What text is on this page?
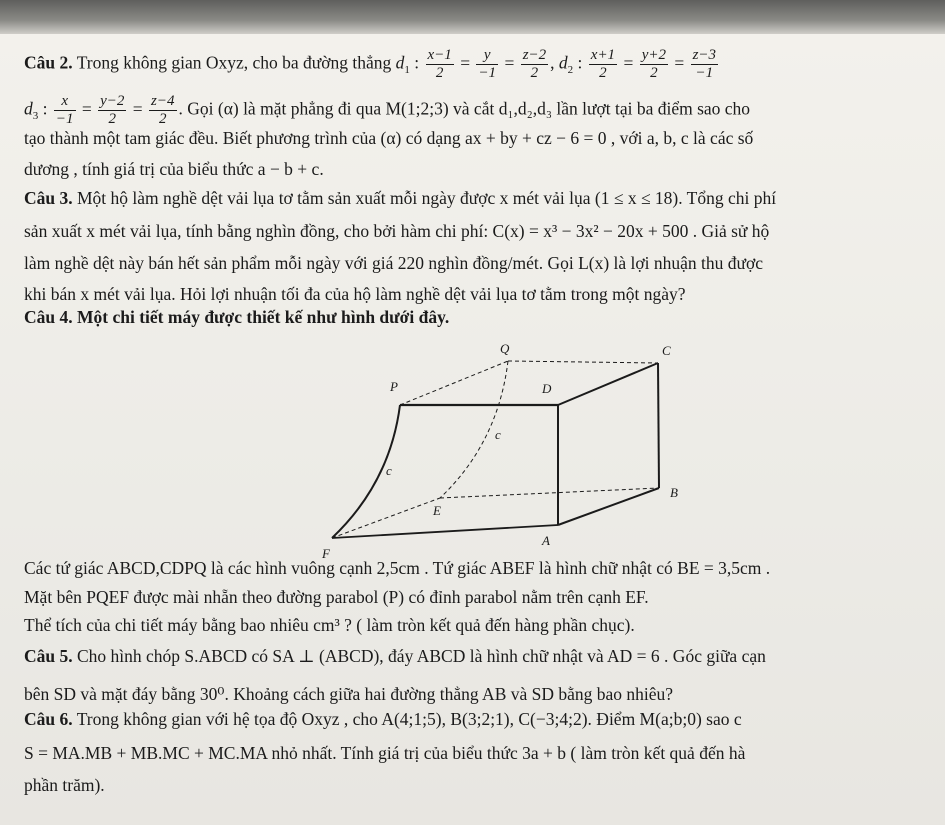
Câu 2. Trong không gian Oxyz, cho ba đường thẳng $d_1$ : $\frac{x-1}{2} = \frac{y}{-1} = \frac{z-2}{2}$ , $d_2$ : $\frac{x+1}{2} = \frac{y+2}{2} = \frac{z-3}{-1}$
$d_3$ : $\frac{x}{-1} = \frac{y-2}{2} = \frac{z-4}{2}$ . Gọi (α) là mặt phẳng đi qua M(1;2;3) và cắt d₁,d₂,d₃ lần lượt tại ba điểm sao cho
tạo thành một tam giác đều. Biết phương trình của (α) có dạng ax + by + cz − 6 = 0 , với a, b, c là các số
dương , tính giá trị của biểu thức a − b + c.
Câu 3. Một hộ làm nghề dệt vải lụa tơ tằm sản xuất mỗi ngày được x mét vải lụa (1 ≤ x ≤ 18). Tổng chi phí
sản xuất x mét vải lụa, tính bằng nghìn đồng, cho bởi hàm chi phí: C(x) = x³ − 3x² − 20x + 500 . Giả sử hộ
làm nghề dệt này bán hết sản phẩm mỗi ngày với giá 220 nghìn đồng/mét. Gọi L(x) là lợi nhuận thu được
khi bán x mét vải lụa. Hỏi lợi nhuận tối đa của hộ làm nghề dệt vải lụa tơ tằm trong một ngày?
Câu 4. Một chi tiết máy được thiết kế như hình dưới đây.
Q	C
P	D
c
c
E
B
A
F
Các tứ giác ABCD,CDPQ là các hình vuông cạnh 2,5cm . Tứ giác ABEF là hình chữ nhật có BE = 3,5cm .
Mặt bên PQEF được mài nhẵn theo đường parabol (P) có đỉnh parabol nằm trên cạnh EF.
Thể tích của chi tiết máy bằng bao nhiêu cm³ ? ( làm tròn kết quả đến hàng phần chục).
Câu 5. Cho hình chóp S.ABCD có SA ⊥ (ABCD), đáy ABCD là hình chữ nhật và AD = 6 . Góc giữa cạn
bên SD và mặt đáy bằng 30⁰. Khoảng cách giữa hai đường thẳng AB và SD bằng bao nhiêu?
Câu 6. Trong không gian với hệ tọa độ Oxyz , cho A(4;1;5), B(3;2;1), C(−3;4;2). Điểm M(a;b;0) sao c
S = MA.MB + MB.MC + MC.MA nhỏ nhất. Tính giá trị của biểu thức 3a + b ( làm tròn kết quả đến hà
phần trăm).
